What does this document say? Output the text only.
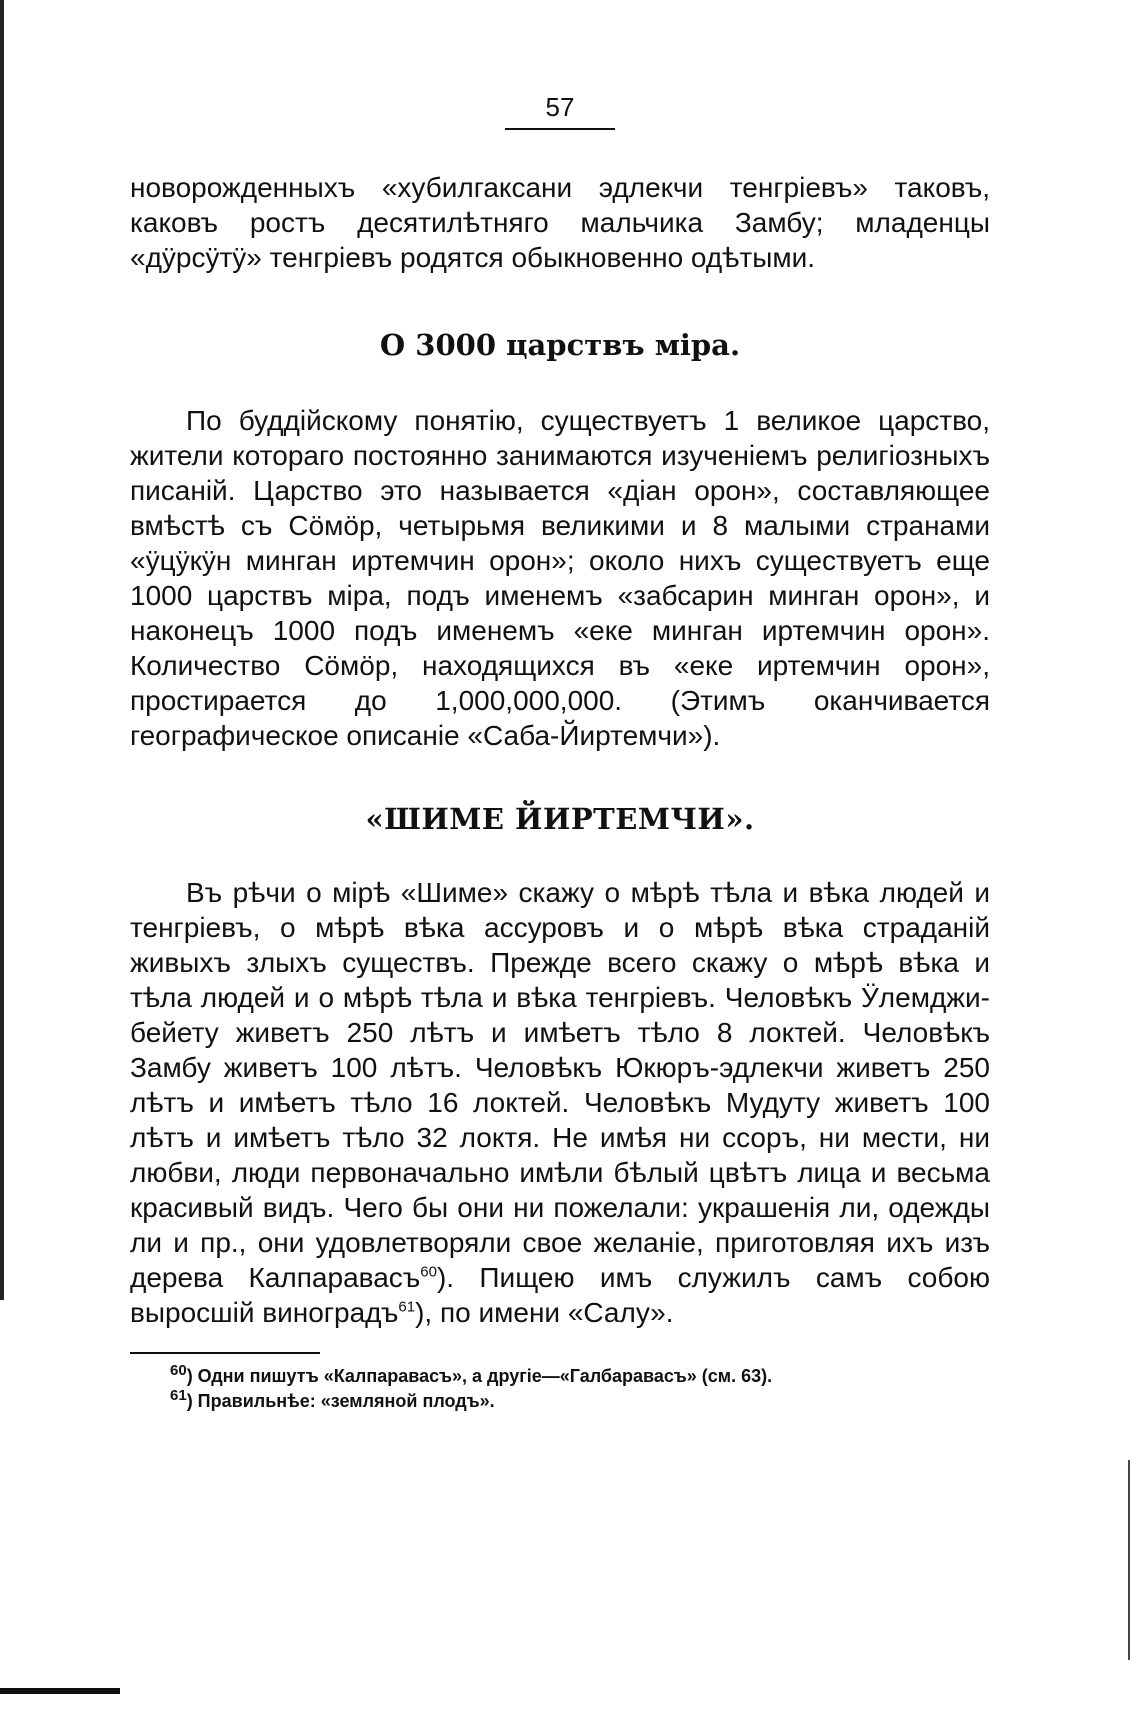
57

новорожденныхъ «хубилгаксани эдлекчи тенгріевъ» таковъ, каковъ ростъ десятилѣтняго мальчика Замбу; младенцы «дӱрсӱтӱ» тенгріевъ родятся обыкновенно одѣтыми.

О 3000 царствъ міра.

По буддійскому понятію, существуетъ 1 великое царство, жители котораго постоянно занимаются изученіемъ религіозныхъ писаній. Царство это называется «діан орон», составляющее вмѣстѣ съ Сӧмӧр, четырьмя великими и 8 малыми странами «ӱцӱкӱн минган иртемчин орон»; около нихъ существуетъ еще 1000 царствъ міра, подъ именемъ «забсарин минган орон», и наконецъ 1000 подъ именемъ «еке минган иртемчин орон». Количество Сӧмӧр, находящихся въ «еке иртемчин орон», простирается до 1,000,000,000. (Этимъ оканчивается географическое описаніе «Саба-Йиртемчи»).

«ШИМЕ ЙИРТЕМЧИ».

Въ рѣчи о мірѣ «Шиме» скажу о мѣрѣ тѣла и вѣка людей и тенгріевъ, о мѣрѣ вѣка ассуровъ и о мѣрѣ вѣка страданій живыхъ злыхъ существъ. Прежде всего скажу о мѣрѣ вѣка и тѣла людей и о мѣрѣ тѣла и вѣка тенгріевъ. Человѣкъ Ӱлемджи-бейету живетъ 250 лѣтъ и имѣетъ тѣло 8 локтей. Человѣкъ Замбу живетъ 100 лѣтъ. Человѣкъ Юкюръ-эдлекчи живетъ 250 лѣтъ и имѣетъ тѣло 16 локтей. Человѣкъ Мудуту живетъ 100 лѣтъ и имѣетъ тѣло 32 локтя. Не имѣя ни ссоръ, ни мести, ни любви, люди первоначально имѣли бѣлый цвѣтъ лица и весьма красивый видъ. Чего бы они ни пожелали: украшенія ли, одежды ли и пр., они удовлетворяли свое желаніе, приготовляя ихъ изъ дерева Калпаравасъ$^{60}$). Пищею имъ служилъ самъ собою выросшій виноградъ$^{61}$), по имени «Салу».

$^{60}$) Одни пишутъ «Калпаравасъ», а другіе—«Галбаравасъ» (см. 63).

$^{61}$) Правильнѣе: «земляной плодъ».
